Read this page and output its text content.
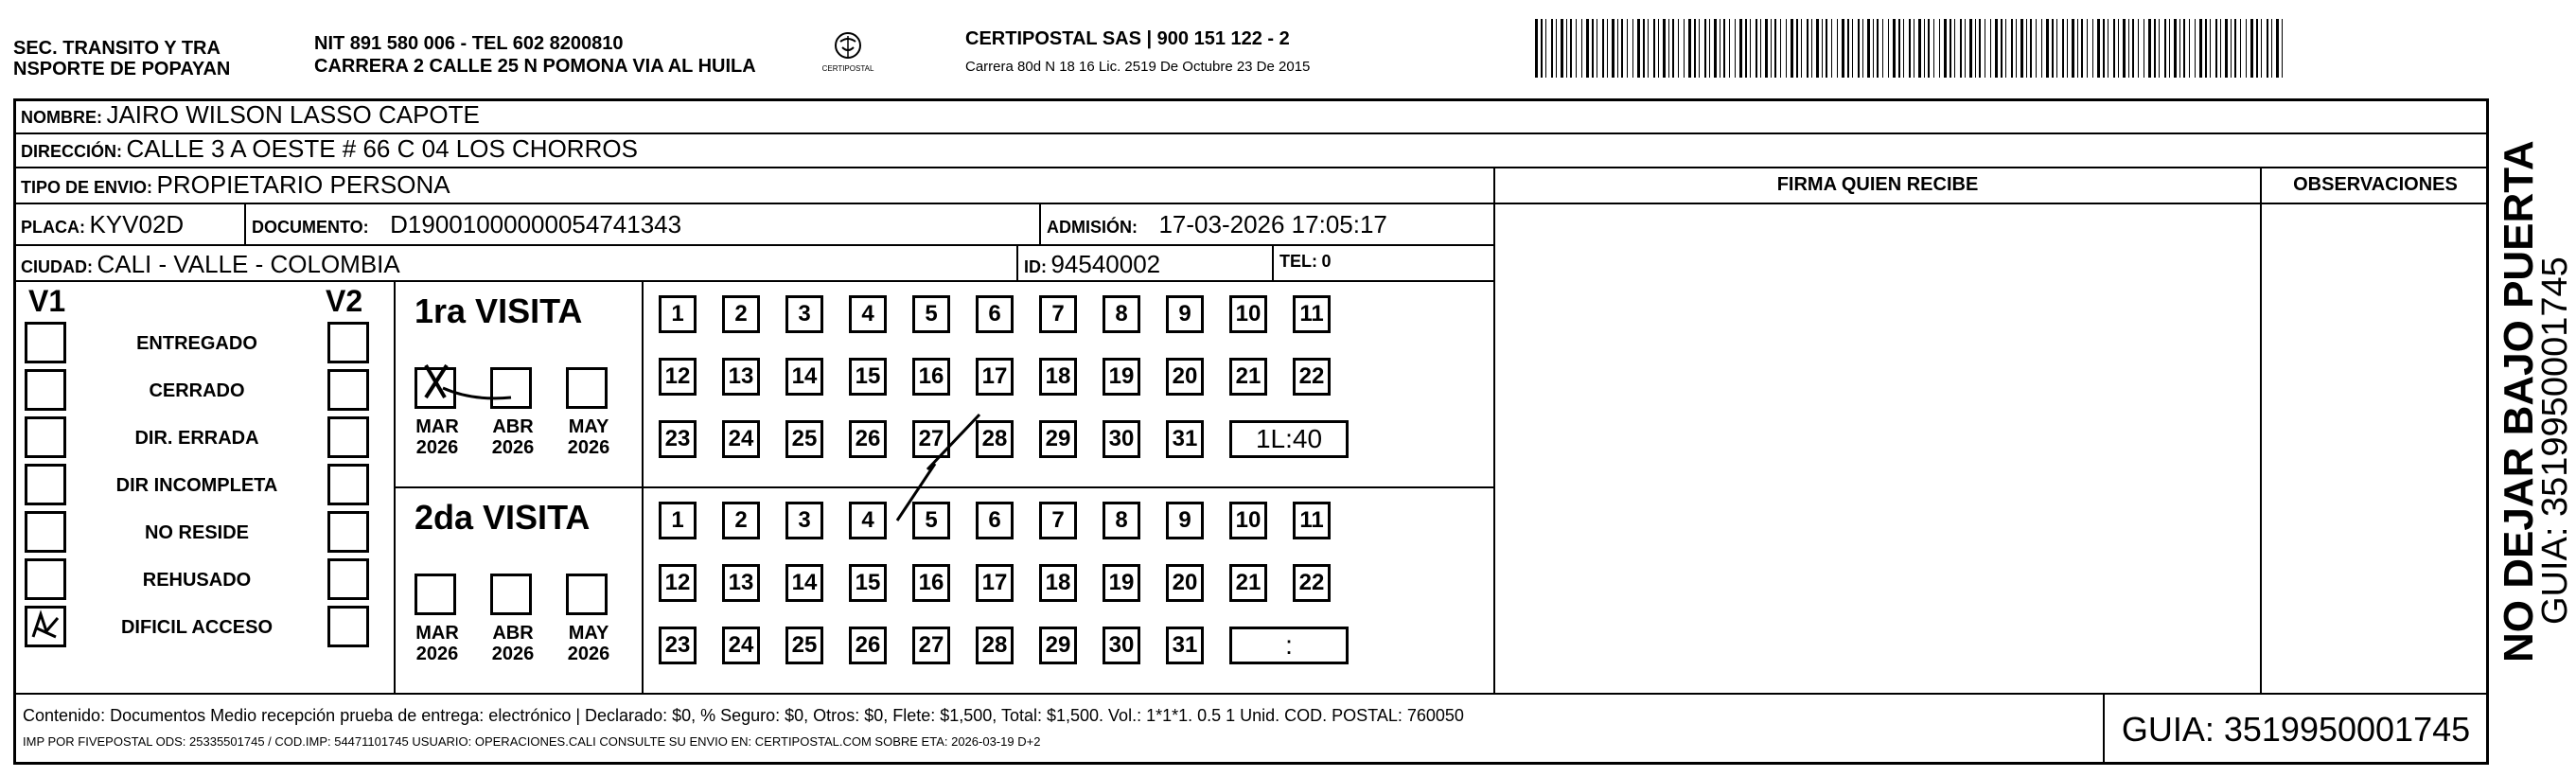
SEC. TRANSITO Y TRA
NSPORTE DE POPAYAN
NIT 891 580 006 - TEL 602 8200810
CARRERA 2 CALLE 25 N POMONA VIA AL HUILA	CERTIPOSTAL
CERTIPOSTAL SAS | 900 151 122 - 2
Carrera 80d N 18 16 Lic. 2519 De Octubre 23 De 2015
NOMBRE: JAIRO WILSON LASSO CAPOTE
DIRECCIÓN: CALLE 3 A OESTE # 66 C 04 LOS CHORROS
TIPO DE ENVIO: PROPIETARIO PERSONA	FIRMA QUIEN RECIBE	OBSERVACIONES
PLACA: KYV02D	DOCUMENTO: D19001000000054741343	ADMISIÓN: 17-03-2026 17:05:17
CIUDAD: CALI - VALLE - COLOMBIA	ID: 94540002	TEL: 0
V1	V2
ENTREGADO
CERRADO
DIR. ERRADA
DIR INCOMPLETA
NO RESIDE
REHUSADO
DIFICIL ACCESO
1ra VISITA
MAR
2026
ABR
2026
MAY
2026
1	2	3	4	5	6	7	8	9	10	11
12 13 14 15 16 17 18 19 20 21 22
23 24 25 26 27 28 29 30 31	1L:40
2da VISITA
MAR
2026
ABR
2026
MAY
2026
1	2	3	4	5	6	7	8	9	10	11
12 13 14 15 16 17 18 19 20 21 22
23 24 25 26 27 28 29 30 31	:
Contenido: Documentos Medio recepción prueba de entrega: electrónico | Declarado: $0, % Seguro: $0, Otros: $0, Flete: $1,500, Total: $1,500. Vol.: 1*1*1. 0.5 1 Unid. COD. POSTAL: 760050
IMP POR FIVEPOSTAL ODS: 25335501745 / COD.IMP: 54471101745 USUARIO: OPERACIONES.CALI CONSULTE SU ENVIO EN: CERTIPOSTAL.COM SOBRE ETA: 2026-03-19 D+2	GUIA: 3519950001745
NO DEJAR BAJO PUERTA
GUIA: 3519950001745
